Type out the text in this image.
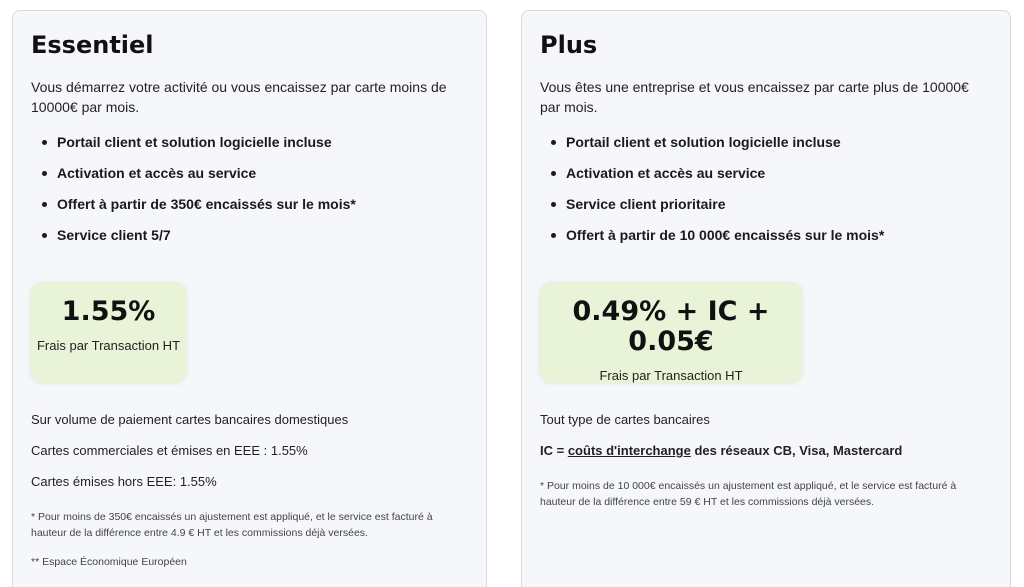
Essentiel

Vous démarrez votre activité ou vous encaissez par carte moins de 10000€ par mois.

Portail client et solution logicielle incluse
Activation et accès au service
Offert à partir de 350€ encaissés sur le mois*
Service client 5/7
1.55%
Frais par Transaction HT

Sur volume de paiement cartes bancaires domestiques

Cartes commerciales et émises en EEE : 1.55%

Cartes émises hors EEE: 1.55%

* Pour moins de 350€ encaissés un ajustement est appliqué, et le service est facturé à hauteur de la différence entre 4.9 € HT et les commissions déjà versées.

** Espace Économique Européen

Plus

Vous êtes une entreprise et vous encaissez par carte plus de 10000€ par mois.

Portail client et solution logicielle incluse
Activation et accès au service
Service client prioritaire
Offert à partir de 10 000€ encaissés sur le mois*
0.49% + IC + 0.05€
Frais par Transaction HT

Tout type de cartes bancaires

IC = coûts d'interchange des réseaux CB, Visa, Mastercard

* Pour moins de 10 000€ encaissés un ajustement est appliqué, et le service est facturé à hauteur de la différence entre 59 € HT et les commissions déjà versées.
